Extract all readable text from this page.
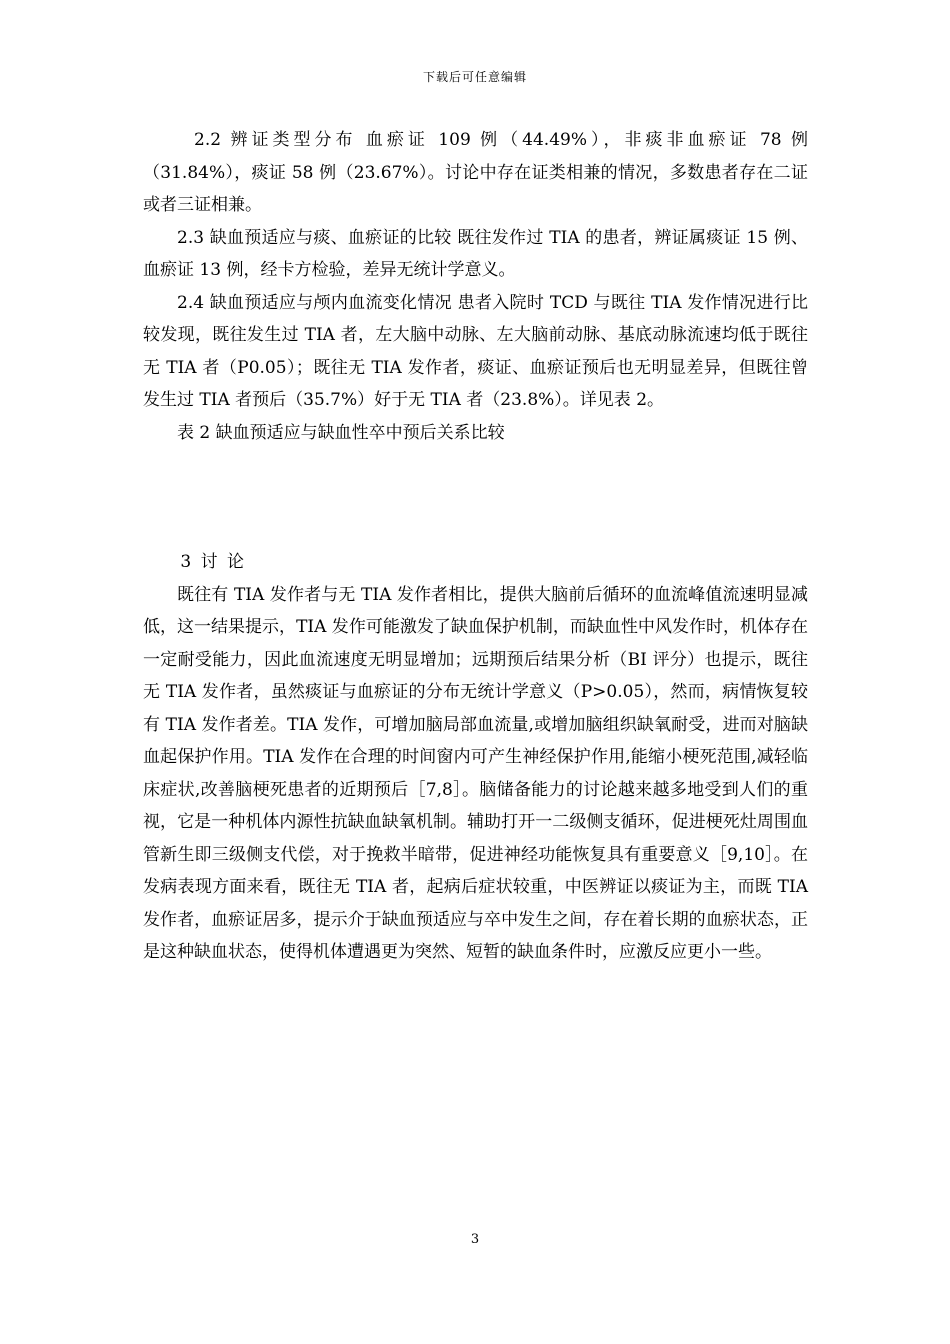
下载后可任意编辑

2.2 辨证类型分布 血瘀证 109 例（44.49%），非痰非血瘀证 78 例（31.84%），痰证 58 例（23.67%）。讨论中存在证类相兼的情况，多数患者存在二证或者三证相兼。

2.3 缺血预适应与痰、血瘀证的比较 既往发作过 TIA 的患者，辨证属痰证 15 例、血瘀证 13 例，经卡方检验，差异无统计学意义。

2.4 缺血预适应与颅内血流变化情况 患者入院时 TCD 与既往 TIA 发作情况进行比较发现，既往发生过 TIA 者，左大脑中动脉、左大脑前动脉、基底动脉流速均低于既往无 TIA 者（P0.05）；既往无 TIA 发作者，痰证、血瘀证预后也无明显差异，但既往曾发生过 TIA 者预后（35.7%）好于无 TIA 者（23.8%）。详见表 2。

表 2 缺血预适应与缺血性卒中预后关系比较

3 讨 论

既往有 TIA 发作者与无 TIA 发作者相比，提供大脑前后循环的血流峰值流速明显减低，这一结果提示，TIA 发作可能激发了缺血保护机制，而缺血性中风发作时，机体存在一定耐受能力，因此血流速度无明显增加；远期预后结果分析（BI 评分）也提示，既往无 TIA 发作者，虽然痰证与血瘀证的分布无统计学意义（P>0.05），然而，病情恢复较有 TIA 发作者差。TIA 发作，可增加脑局部血流量,或增加脑组织缺氧耐受，进而对脑缺血起保护作用。TIA 发作在合理的时间窗内可产生神经保护作用,能缩小梗死范围,减轻临床症状,改善脑梗死患者的近期预后［7,8］。脑储备能力的讨论越来越多地受到人们的重视，它是一种机体内源性抗缺血缺氧机制。辅助打开一二级侧支循环，促进梗死灶周围血管新生即三级侧支代偿，对于挽救半暗带，促进神经功能恢复具有重要意义［9,10］。在发病表现方面来看，既往无 TIA 者，起病后症状较重，中医辨证以痰证为主，而既 TIA 发作者，血瘀证居多，提示介于缺血预适应与卒中发生之间，存在着长期的血瘀状态，正是这种缺血状态，使得机体遭遇更为突然、短暂的缺血条件时，应激反应更小一些。

3
